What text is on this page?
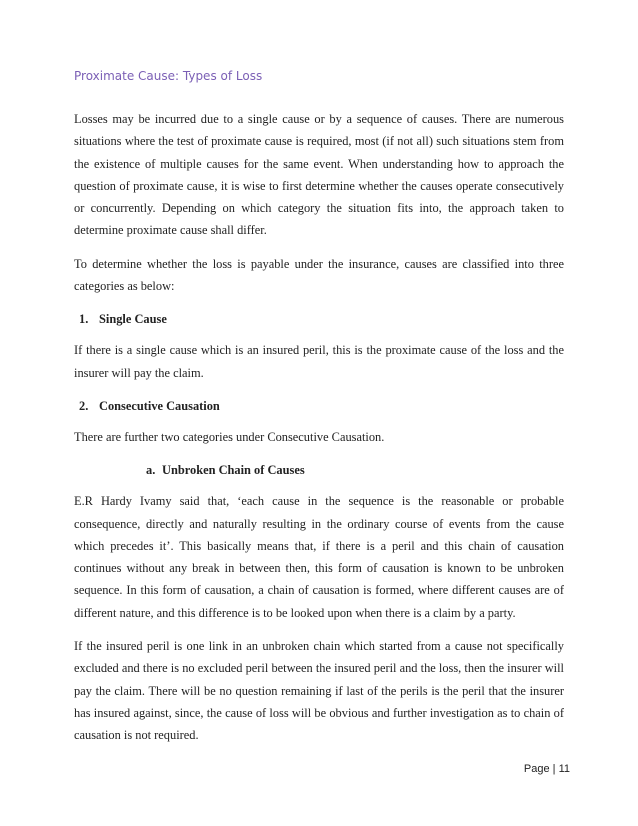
Proximate Cause: Types of Loss

Losses may be incurred due to a single cause or by a sequence of causes. There are numerous situations where the test of proximate cause is required, most (if not all) such situations stem from the existence of multiple causes for the same event. When understanding how to approach the question of proximate cause, it is wise to first determine whether the causes operate consecutively or concurrently. Depending on which category the situation fits into, the approach taken to determine proximate cause shall differ.

To determine whether the loss is payable under the insurance, causes are classified into three categories as below:

1. Single Cause

If there is a single cause which is an insured peril, this is the proximate cause of the loss and the insurer will pay the claim.

2. Consecutive Causation

There are further two categories under Consecutive Causation.

a. Unbroken Chain of Causes

E.R Hardy Ivamy said that, ‘each cause in the sequence is the reasonable or probable consequence, directly and naturally resulting in the ordinary course of events from the cause which precedes it’. This basically means that, if there is a peril and this chain of causation continues without any break in between then, this form of causation is known to be unbroken sequence. In this form of causation, a chain of causation is formed, where different causes are of different nature, and this difference is to be looked upon when there is a claim by a party.

If the insured peril is one link in an unbroken chain which started from a cause not specifically excluded and there is no excluded peril between the insured peril and the loss, then the insurer will pay the claim. There will be no question remaining if last of the perils is the peril that the insurer has insured against, since, the cause of loss will be obvious and further investigation as to chain of causation is not required.

Page | 11
